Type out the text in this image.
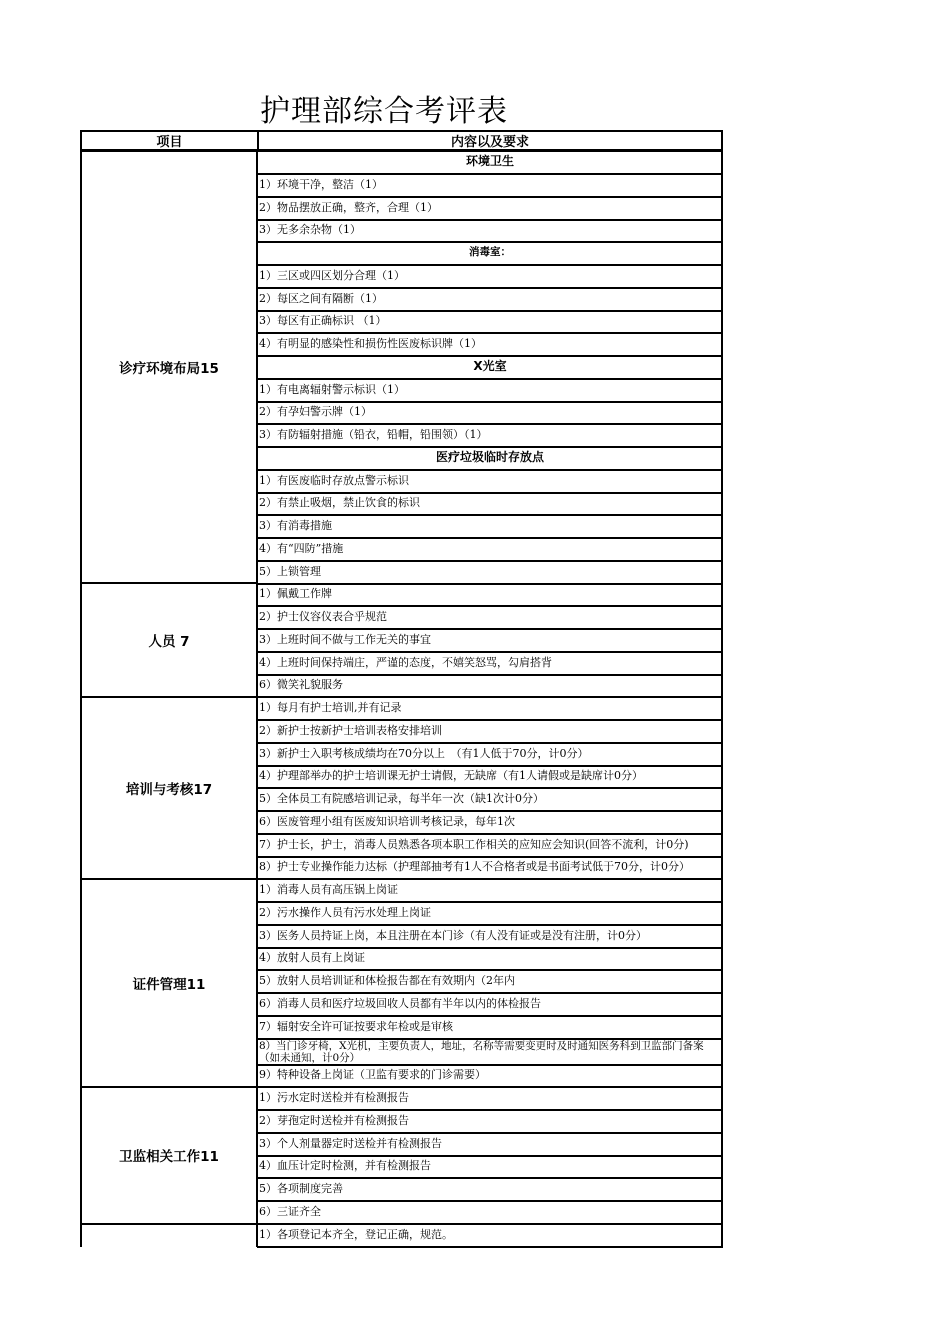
护理部综合考评表
项目	内容以及要求
环境卫生
1）环境干净，整洁（1）
2）物品摆放正确，整齐，合理（1）
3）无多余杂物（1）
消毒室：
1）三区或四区划分合理（1）
2）每区之间有隔断（1）
3）每区有正确标识 （1）
4）有明显的感染性和损伤性医废标识牌（1）
X光室
1）有电离辐射警示标识（1）
2）有孕妇警示牌（1）
3）有防辐射措施（铅衣，铅帽，铅围领）（1）
医疗垃圾临时存放点
1）有医废临时存放点警示标识
2）有禁止吸烟，禁止饮食的标识
3）有消毒措施
4）有“四防”措施
5）上锁管理
诊疗环境布局15
1）佩戴工作牌
2）护士仪容仪表合乎规范
3）上班时间不做与工作无关的事宜
4）上班时间保持端庄，严谨的态度，不嬉笑怒骂，勾肩搭背
6）微笑礼貌服务
人员 7
1）每月有护士培训,并有记录
2）新护士按新护士培训表格安排培训
3）新护士入职考核成绩均在70分以上　（有1人低于70分，计0分）
4）护理部举办的护士培训课无护士请假，无缺席（有1人请假或是缺席计0分）
5）全体员工有院感培训记录，每半年一次（缺1次计0分）
6）医废管理小组有医废知识培训考核记录，每年1次
7）护士长，护士，消毒人员熟悉各项本职工作相关的应知应会知识(回答不流利，计0分)
8）护士专业操作能力达标（护理部抽考有1人不合格者或是书面考试低于70分，计0分）
培训与考核17
1）消毒人员有高压锅上岗证
2）污水操作人员有污水处理上岗证
3）医务人员持证上岗，本且注册在本门诊（有人没有证或是没有注册，计0分）
4）放射人员有上岗证
5）放射人员培训证和体检报告都在有效期内（2年内
6）消毒人员和医疗垃圾回收人员都有半年以内的体检报告
7）辐射安全许可证按要求年检或是审核
8）当门诊牙椅，X光机，主要负责人，地址，名称等需要变更时及时通知医务科到卫监部门备案（如未通知，计0分）
9）特种设备上岗证（卫监有要求的门诊需要）
证件管理11
1）污水定时送检并有检测报告
2）芽孢定时送检并有检测报告
3）个人剂量器定时送检并有检测报告
4）血压计定时检测，并有检测报告
5）各项制度完善
6）三证齐全
卫监相关工作11
1）各项登记本齐全，登记正确，规范。
